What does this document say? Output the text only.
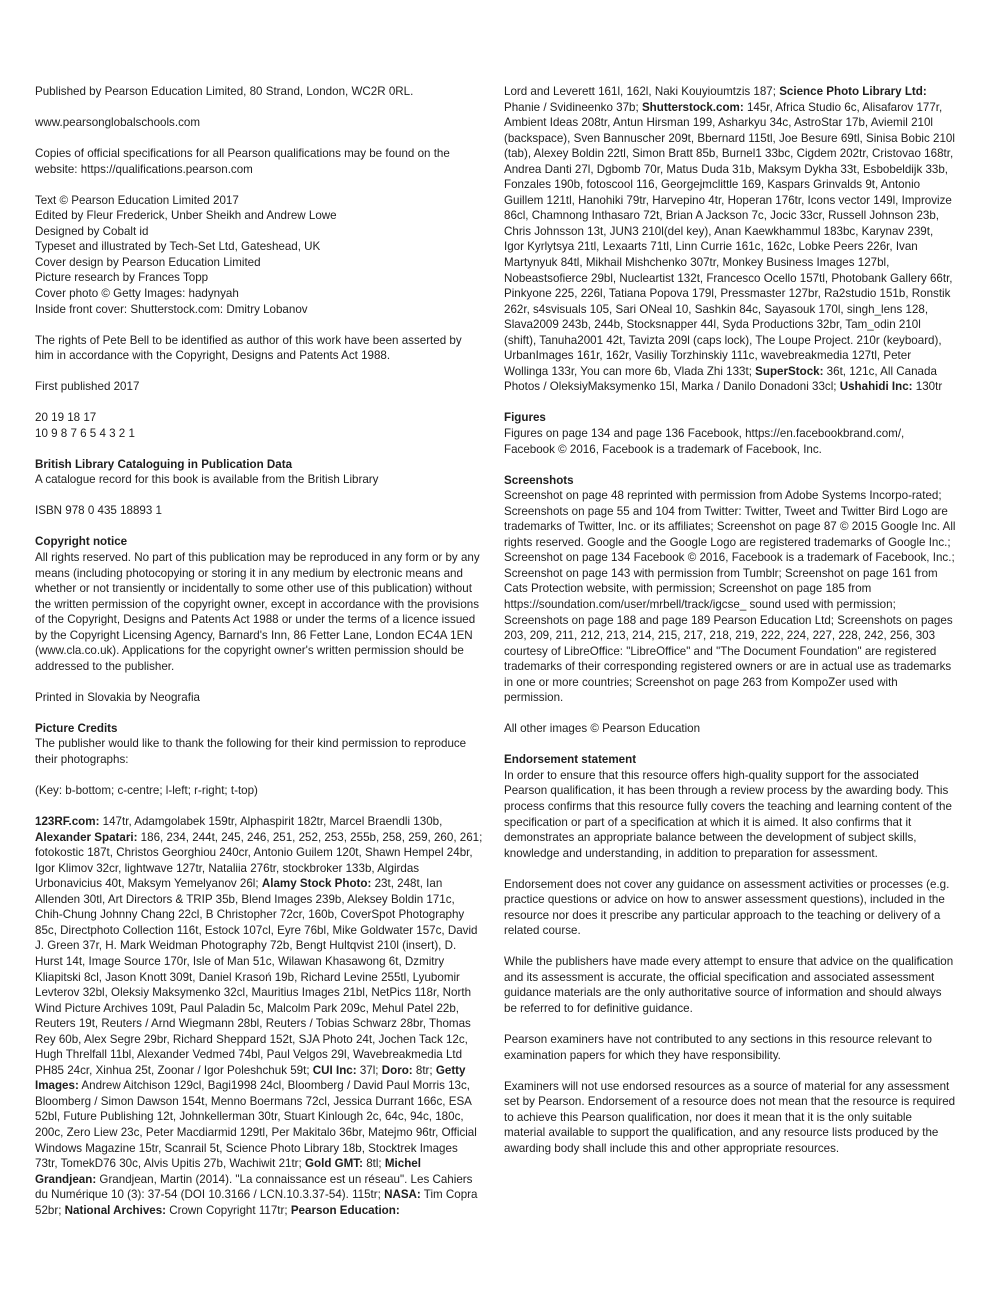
Published by Pearson Education Limited, 80 Strand, London, WC2R 0RL.

www.pearsonglobalschools.com

Copies of official specifications for all Pearson qualifications may be found on the website: https://qualifications.pearson.com

Text © Pearson Education Limited 2017

Edited by Fleur Frederick, Unber Sheikh and Andrew Lowe

Designed by Cobalt id

Typeset and illustrated by Tech-Set Ltd, Gateshead, UK

Cover design by Pearson Education Limited

Picture research by Frances Topp

Cover photo © Getty Images: hadynyah

Inside front cover: Shutterstock.com: Dmitry Lobanov

The rights of Pete Bell to be identified as author of this work have been asserted by him in accordance with the Copyright, Designs and Patents Act 1988.

First published 2017

20 19 18 17

10 9 8 7 6 5 4 3 2 1

British Library Cataloguing in Publication Data

A catalogue record for this book is available from the British Library

ISBN 978 0 435 18893 1

Copyright notice

All rights reserved. No part of this publication may be reproduced in any form or by any means (including photocopying or storing it in any medium by electronic means and whether or not transiently or incidentally to some other use of this publication) without the written permission of the copyright owner, except in accordance with the provisions of the Copyright, Designs and Patents Act 1988 or under the terms of a licence issued by the Copyright Licensing Agency, Barnard's Inn, 86 Fetter Lane, London EC4A 1EN (www.cla.co.uk). Applications for the copyright owner's written permission should be addressed to the publisher.

Printed in Slovakia by Neografia

Picture Credits

The publisher would like to thank the following for their kind permission to reproduce their photographs:

(Key: b-bottom; c-centre; l-left; r-right; t-top)

123RF.com: 147tr, Adamgolabek 159tr, Alphaspirit 182tr, Marcel Braendli 130b, Alexander Spatari: 186, 234, 244t, 245, 246, 251, 252, 253, 255b, 258, 259, 260, 261; fotokostic 187t, Christos Georghiou 240cr, Antonio Guilem 120t, Shawn Hempel 24br, Igor Klimov 32cr, lightwave 127tr, Nataliia 276tr, stockbroker 133b, Algirdas Urbonavicius 40t, Maksym Yemelyanov 26l; Alamy Stock Photo: 23t, 248t, Ian Allenden 30tl, Art Directors & TRIP 35b, Blend Images 239b, Aleksey Boldin 171c, Chih-Chung Johnny Chang 22cl, B Christopher 72cr, 160b, CoverSpot Photography 85c, Directphoto Collection 116t, Estock 107cl, Eyre 76bl, Mike Goldwater 157c, David J. Green 37r, H. Mark Weidman Photography 72b, Bengt Hultqvist 210l (insert), D. Hurst 14t, Image Source 170r, Isle of Man 51c, Wilawan Khasawong 6t, Dzmitry Kliapitski 8cl, Jason Knott 309t, Daniel Krasoń 19b, Richard Levine 255tl, Lyubomir Levterov 32bl, Oleksiy Maksymenko 32cl, Mauritius Images 21bl, NetPics 118r, North Wind Picture Archives 109t, Paul Paladin 5c, Malcolm Park 209c, Mehul Patel 22b, Reuters 19t, Reuters / Arnd Wiegmann 28bl, Reuters / Tobias Schwarz 28br, Thomas Rey 60b, Alex Segre 29br, Richard Sheppard 152t, SJA Photo 24t, Jochen Tack 12c, Hugh Threlfall 11bl, Alexander Vedmed 74bl, Paul Velgos 29l, Wavebreakmedia Ltd PH85 24cr, Xinhua 25t, Zoonar / Igor Poleshchuk 59t; CUI Inc: 37l; Doro: 8tr; Getty Images: Andrew Aitchison 129cl, Bagi1998 24cl, Bloomberg / David Paul Morris 13c, Bloomberg / Simon Dawson 154t, Menno Boermans 72cl, Jessica Durrant 166c, ESA 52bl, Future Publishing 12t, Johnkellerman 30tr, Stuart Kinlough 2c, 64c, 94c, 180c, 200c, Zero Liew 23c, Peter Macdiarmid 129tl, Per Makitalo 36br, Matejmo 96tr, Official Windows Magazine 15tr, Scanrail 5t, Science Photo Library 18b, Stocktrek Images 73tr, TomekD76 30c, Alvis Upitis 27b, Wachiwit 21tr; Gold GMT: 8tl; Michel Grandjean: Grandjean, Martin (2014). "La connaissance est un réseau". Les Cahiers du Numérique 10 (3): 37-54 (DOI 10.3166 / LCN.10.3.37-54). 115tr; NASA: Tim Copra 52br; National Archives: Crown Copyright 117tr; Pearson Education:

Lord and Leverett 161l, 162l, Naki Kouyioumtzis 187; Science Photo Library Ltd: Phanie / Svidineenko 37b; Shutterstock.com: 145r, Africa Studio 6c, Alisafarov 177r, Ambient Ideas 208tr, Antun Hirsman 199, Asharkyu 34c, AstroStar 17b, Aviemil 210l (backspace), Sven Bannuscher 209t, Bbernard 115tl, Joe Besure 69tl, Sinisa Bobic 210l (tab), Alexey Boldin 22tl, Simon Bratt 85b, Burnel1 33bc, Cigdem 202tr, Cristovao 168tr, Andrea Danti 27l, Dgbomb 70r, Matus Duda 31b, Maksym Dykha 33t, Esbobeldijk 33b, Fonzales 190b, fotoscool 116, Georgejmclittle 169, Kaspars Grinvalds 9t, Antonio Guillem 121tl, Hanohiki 79tr, Harvepino 4tr, Hoperan 176tr, Icons vector 149l, Improvize 86cl, Chamnong Inthasaro 72t, Brian A Jackson 7c, Jocic 33cr, Russell Johnson 23b, Chris Johnsson 13t, JUN3 210l(del key), Anan Kaewkhammul 183bc, Karynav 239t, Igor Kyrlytsya 21tl, Lexaarts 71tl, Linn Currie 161c, 162c, Lobke Peers 226r, Ivan Martynyuk 84tl, Mikhail Mishchenko 307tr, Monkey Business Images 127bl, Nobeastsofierce 29bl, Nucleartist 132t, Francesco Ocello 157tl, Photobank Gallery 66tr, Pinkyone 225, 226l, Tatiana Popova 179l, Pressmaster 127br, Ra2studio 151b, Ronstik 262r, s4svisuals 105, Sari ONeal 10, Sashkin 84c, Sayasouk 170l, singh_lens 128, Slava2009 243b, 244b, Stocksnapper 44l, Syda Productions 32br, Tam_odin 210l (shift), Tanuha2001 42t, Tavizta 209l (caps lock), The Loupe Project. 210r (keyboard), UrbanImages 161r, 162r, Vasiliy Torzhinskiy 111c, wavebreakmedia 127tl, Peter Wollinga 133r, You can more 6b, Vlada Zhi 133t; SuperStock: 36t, 121c, All Canada Photos / OleksiyMaksymenko 15l, Marka / Danilo Donadoni 33cl; Ushahidi Inc: 130tr

Figures

Figures on page 134 and page 136 Facebook, https://en.facebookbrand.com/, Facebook © 2016, Facebook is a trademark of Facebook, Inc.

Screenshots

Screenshot on page 48 reprinted with permission from Adobe Systems Incorpo-rated; Screenshots on page 55 and 104 from Twitter: Twitter, Tweet and Twitter Bird Logo are trademarks of Twitter, Inc. or its affiliates; Screenshot on page 87 © 2015 Google Inc. All rights reserved. Google and the Google Logo are registered trademarks of Google Inc.; Screenshot on page 134 Facebook © 2016, Facebook is a trademark of Facebook, Inc.; Screenshot on page 143 with permission from Tumblr; Screenshot on page 161 from Cats Protection website, with permission; Screenshot on page 185 from https://soundation.com/user/mrbell/track/igcse_ sound used with permission; Screenshots on page 188 and page 189 Pearson Education Ltd; Screenshots on pages 203, 209, 211, 212, 213, 214, 215, 217, 218, 219, 222, 224, 227, 228, 242, 256, 303 courtesy of LibreOffice: "LibreOffice" and "The Document Foundation" are registered trademarks of their corresponding registered owners or are in actual use as trademarks in one or more countries; Screenshot on page 263 from KompoZer used with permission.

All other images © Pearson Education

Endorsement statement

In order to ensure that this resource offers high-quality support for the associated Pearson qualification, it has been through a review process by the awarding body. This process confirms that this resource fully covers the teaching and learning content of the specification or part of a specification at which it is aimed. It also confirms that it demonstrates an appropriate balance between the development of subject skills, knowledge and understanding, in addition to preparation for assessment.

Endorsement does not cover any guidance on assessment activities or processes (e.g. practice questions or advice on how to answer assessment questions), included in the resource nor does it prescribe any particular approach to the teaching or delivery of a related course.

While the publishers have made every attempt to ensure that advice on the qualification and its assessment is accurate, the official specification and associated assessment guidance materials are the only authoritative source of information and should always be referred to for definitive guidance.

Pearson examiners have not contributed to any sections in this resource relevant to examination papers for which they have responsibility.

Examiners will not use endorsed resources as a source of material for any assessment set by Pearson. Endorsement of a resource does not mean that the resource is required to achieve this Pearson qualification, nor does it mean that it is the only suitable material available to support the qualification, and any resource lists produced by the awarding body shall include this and other appropriate resources.
